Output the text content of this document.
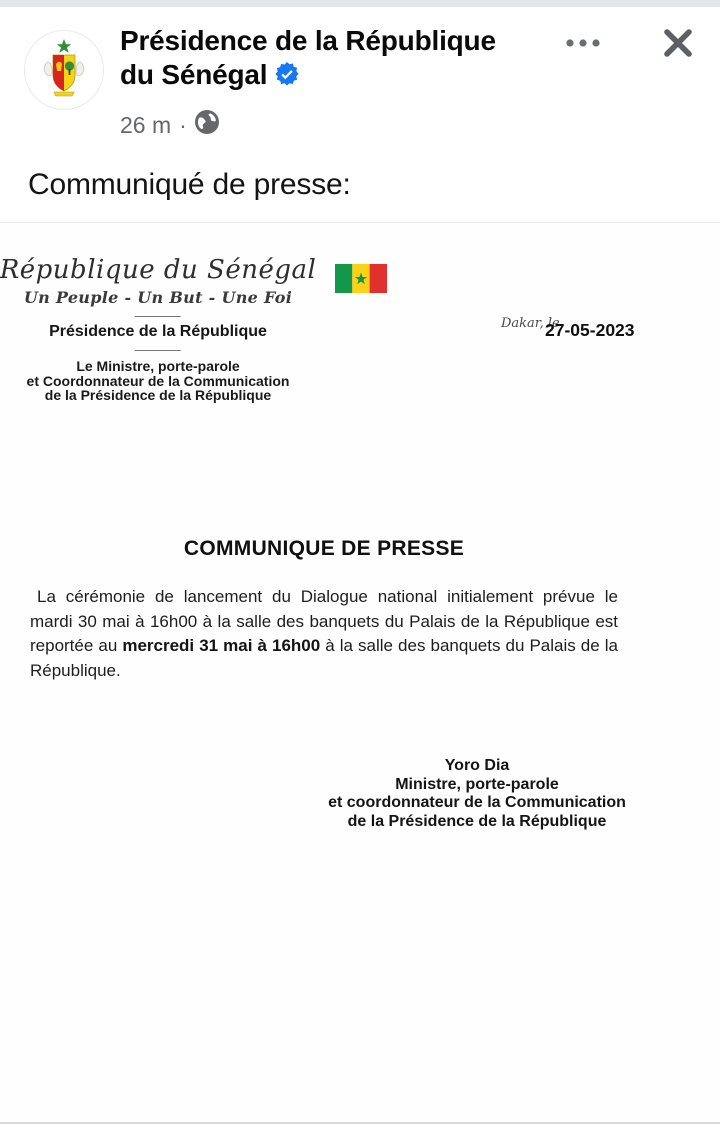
Présidence de la République
du Sénégal
26 m ·
Communiqué de presse:
République du Sénégal
Un Peuple - Un But - Une Foi
Présidence de la République
Le Ministre, porte-parole
et Coordonnateur de la Communication
de la Présidence de la République
Dakar, le
27-05-2023
COMMUNIQUE DE PRESSE

La cérémonie de lancement du Dialogue national initialement prévue le mardi 30 mai à 16h00 à la salle des banquets du Palais de la République est reportée au mercredi 31 mai à 16h00 à la salle des banquets du Palais de la République.

Yoro Dia
Ministre, porte-parole
et coordonnateur de la Communication
de la Présidence de la République
